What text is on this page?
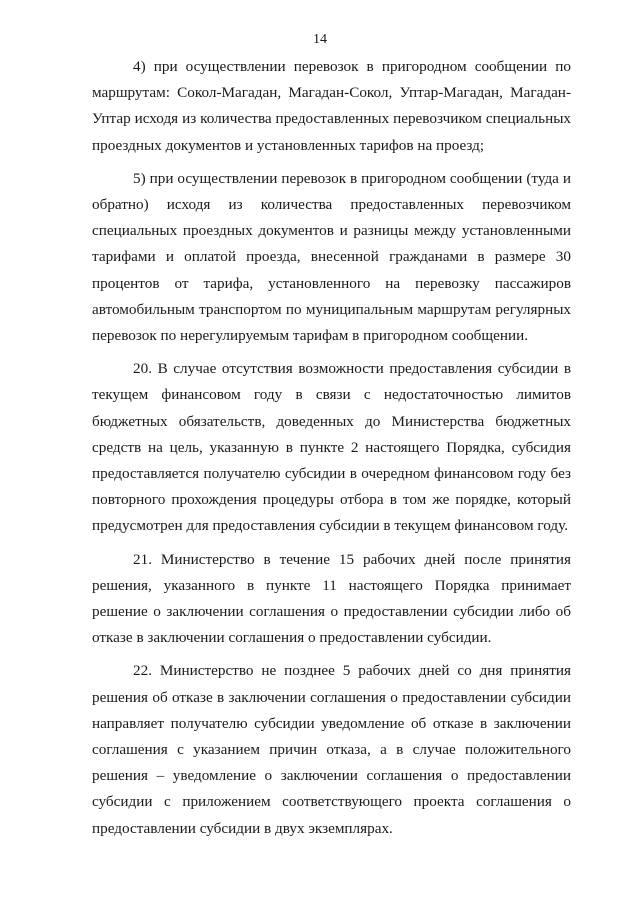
14

4) при осуществлении перевозок в пригородном сообщении по маршрутам: Сокол-Магадан, Магадан-Сокол, Уптар-Магадан, Магадан-Уптар исходя из количества предоставленных перевозчиком специальных проездных документов и установленных тарифов на проезд;

5) при осуществлении перевозок в пригородном сообщении (туда и обратно) исходя из количества предоставленных перевозчиком специальных проездных документов и разницы между установленными тарифами и оплатой проезда, внесенной гражданами в размере 30 процентов от тарифа, установленного на перевозку пассажиров автомобильным транспортом по муниципальным маршрутам регулярных перевозок по нерегулируемым тарифам в пригородном сообщении.

20. В случае отсутствия возможности предоставления субсидии в текущем финансовом году в связи с недостаточностью лимитов бюджетных обязательств, доведенных до Министерства бюджетных средств на цель, указанную в пункте 2 настоящего Порядка, субсидия предоставляется получателю субсидии в очередном финансовом году без повторного прохождения процедуры отбора в том же порядке, который предусмотрен для предоставления субсидии в текущем финансовом году.

21. Министерство в течение 15 рабочих дней после принятия решения, указанного в пункте 11 настоящего Порядка принимает решение о заключении соглашения о предоставлении субсидии либо об отказе в заключении соглашения о предоставлении субсидии.

22. Министерство не позднее 5 рабочих дней со дня принятия решения об отказе в заключении соглашения о предоставлении субсидии направляет получателю субсидии уведомление об отказе в заключении соглашения с указанием причин отказа, а в случае положительного решения – уведомление о заключении соглашения о предоставлении субсидии с приложением соответствующего проекта соглашения о предоставлении субсидии в двух экземплярах.
